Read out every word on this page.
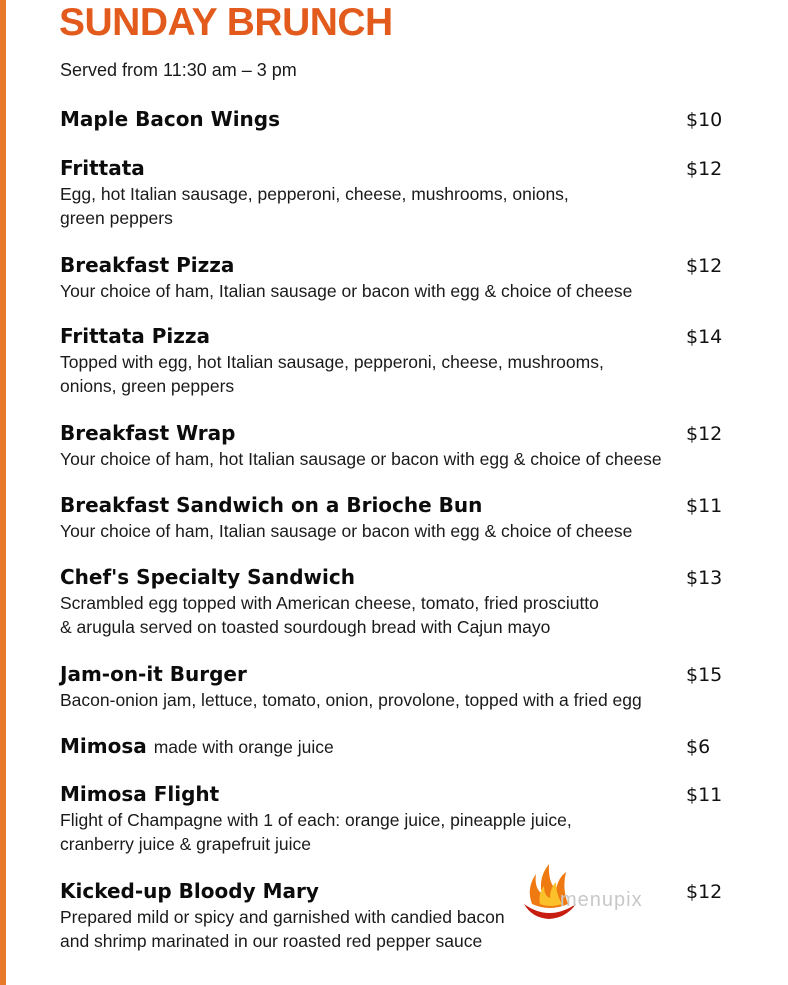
SUNDAY BRUNCH
Served from 11:30 am – 3 pm
Maple Bacon Wings	$10
Frittata
Egg, hot Italian sausage, pepperoni, cheese, mushrooms, onions,
green peppers
$12
Breakfast Pizza
Your choice of ham, Italian sausage or bacon with egg & choice of cheese
$12
Frittata Pizza
Topped with egg, hot Italian sausage, pepperoni, cheese, mushrooms,
onions, green peppers
$14
Breakfast Wrap
Your choice of ham, hot Italian sausage or bacon with egg & choice of cheese
$12
Breakfast Sandwich on a Brioche Bun
Your choice of ham, Italian sausage or bacon with egg & choice of cheese
$11
Chef's Specialty Sandwich
Scrambled egg topped with American cheese, tomato, fried prosciutto
& arugula served on toasted sourdough bread with Cajun mayo
$13
Jam-on-it Burger
Bacon-onion jam, lettuce, tomato, onion, provolone, topped with a fried egg
$15
Mimosa made with orange juice	$6
Mimosa Flight
Flight of Champagne with 1 of each: orange juice, pineapple juice,
cranberry juice & grapefruit juice
$11
Kicked-up Bloody Mary
Prepared mild or spicy and garnished with candied bacon
and shrimp marinated in our roasted red pepper sauce
$12
menupix
